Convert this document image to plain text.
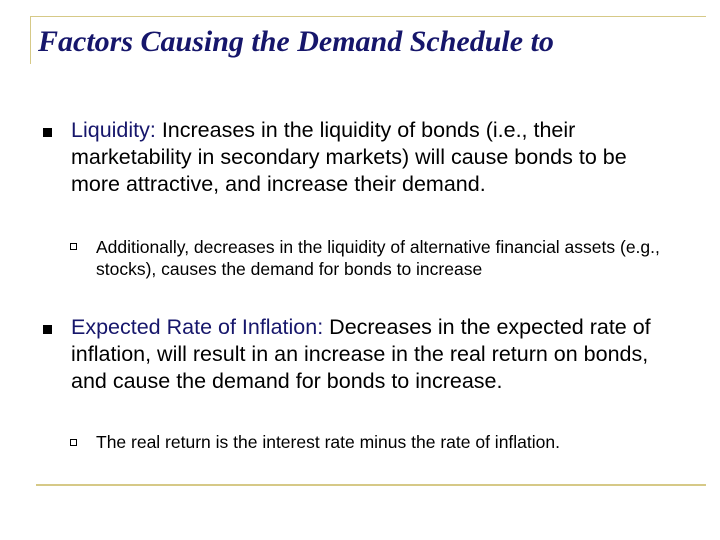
Factors Causing the Demand Schedule to
Liquidity: Increases in the liquidity of bonds (i.e., their marketability in secondary markets) will cause bonds to be more attractive, and increase their demand.
Additionally, decreases in the liquidity of alternative financial assets (e.g., stocks), causes the demand for bonds to increase
Expected Rate of Inflation: Decreases in the expected rate of inflation, will result in an increase in the real return on bonds, and cause the demand for bonds to increase.
The real return is the interest rate minus the rate of inflation.
